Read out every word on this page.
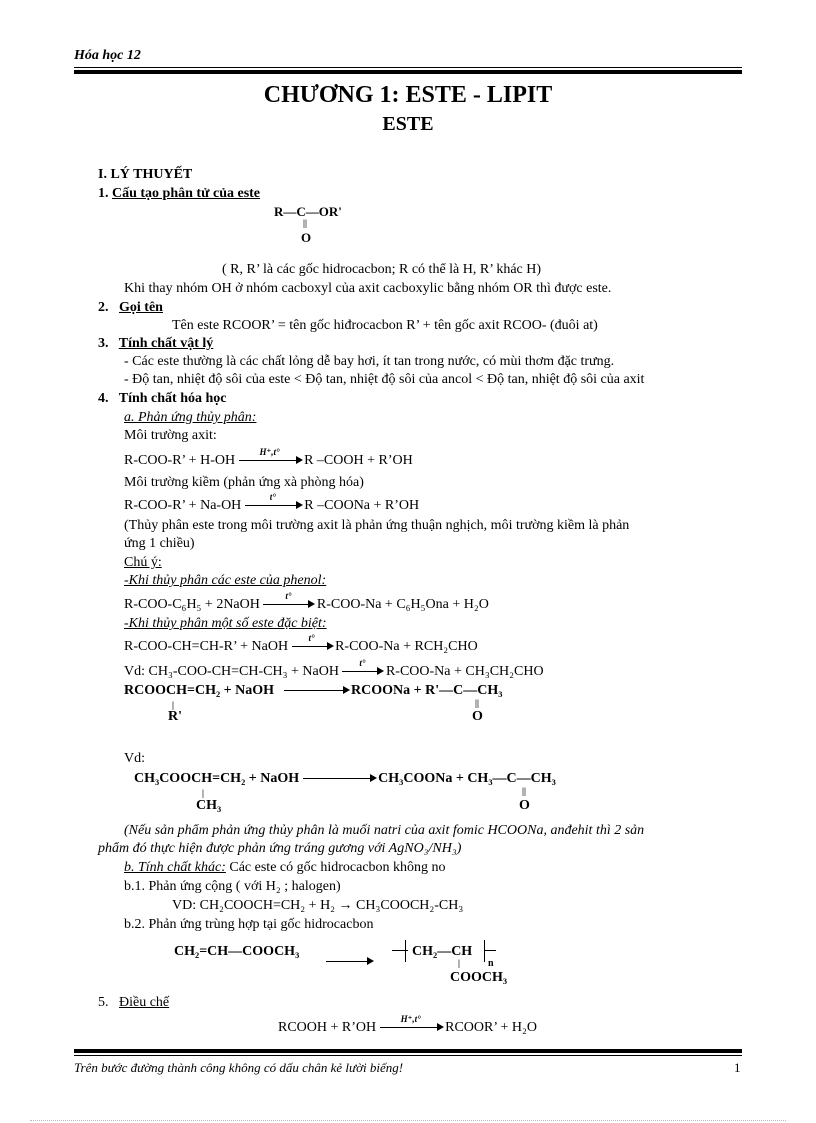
Hóa học 12
CHƯƠNG 1: ESTE - LIPIT
ESTE
I. LÝ THUYẾT
1. Cấu tạo phân tử của este
R—C—OR'
||
O
( R, R’ là các gốc hidrocacbon; R có thể là H, R’ khác H)
Khi thay nhóm OH ở nhóm cacboxyl của axit cacboxylic bằng nhóm OR thì được este.
2. Gọi tên
Tên este RCOOR’ = tên gốc hiđrocacbon R’ + tên gốc axit RCOO- (đuôi at)
3. Tính chất vật lý
- Các este thường là các chất lỏng dễ bay hơi, ít tan trong nước, có mùi thơm đặc trưng.
- Độ tan, nhiệt độ sôi của este < Độ tan, nhiệt độ sôi của ancol < Độ tan, nhiệt độ sôi của axit
4. Tính chất hóa học
a. Phản ứng thủy phân:
Môi trường axit:
R-COO-R’ + H-OH
H⁺,t°
R –COOH + R’OH
Môi trường kiềm (phản ứng xà phòng hóa)
R-COO-R’ + Na-OH
t°
R –COONa + R’OH
(Thủy phân este trong môi trường axit là phản ứng thuận nghịch, môi trường kiềm là phản
ứng 1 chiều)
Chú ý:
-Khi thủy phân các este của phenol:
R-COO-C₆H₅ + 2NaOH
t°
R-COO-Na + C₆H₅Ona + H₂O
-Khi thủy phân một số este đặc biệt:
R-COO-CH=CH-R’ + NaOH
t°
R-COO-Na + RCH₂CHO
Vd: CH₃-COO-CH=CH-CH₃ + NaOH
t°
R-COO-Na + CH₃CH₂CHO
RCOOCH=CH₂ + NaOH	RCOONa + R'—C—CH₃
|
R'
||
O
Vd:
CH₃COOCH=CH₂ + NaOH	CH₃COONa + CH₃—C—CH₃
|
CH₃
||
O
(Nếu sản phẩm phản ứng thủy phân là muối natri của axit fomic HCOONa, anđehit thì 2 sản
phẩm đó thực hiện được phản ứng tráng gương với AgNO₃/NH₃)
b. Tính chất khác: Các este có gốc hidrocacbon không no
b.1. Phản ứng cộng ( với H₂ ; halogen)
VD: CH₂COOCH=CH₂ + H₂ → CH₃COOCH₂-CH₃
b.2. Phản ứng trùng hợp tại gốc hidrocacbon
CH₂=CH—COOCH₃	CH₂—CH
n
|
COOCH₃
5. Điều chế
RCOOH + R’OH
H⁺,t°
RCOOR’ + H₂O
Trên bước đường thành công không có dấu chân kẻ lười biếng!	1
